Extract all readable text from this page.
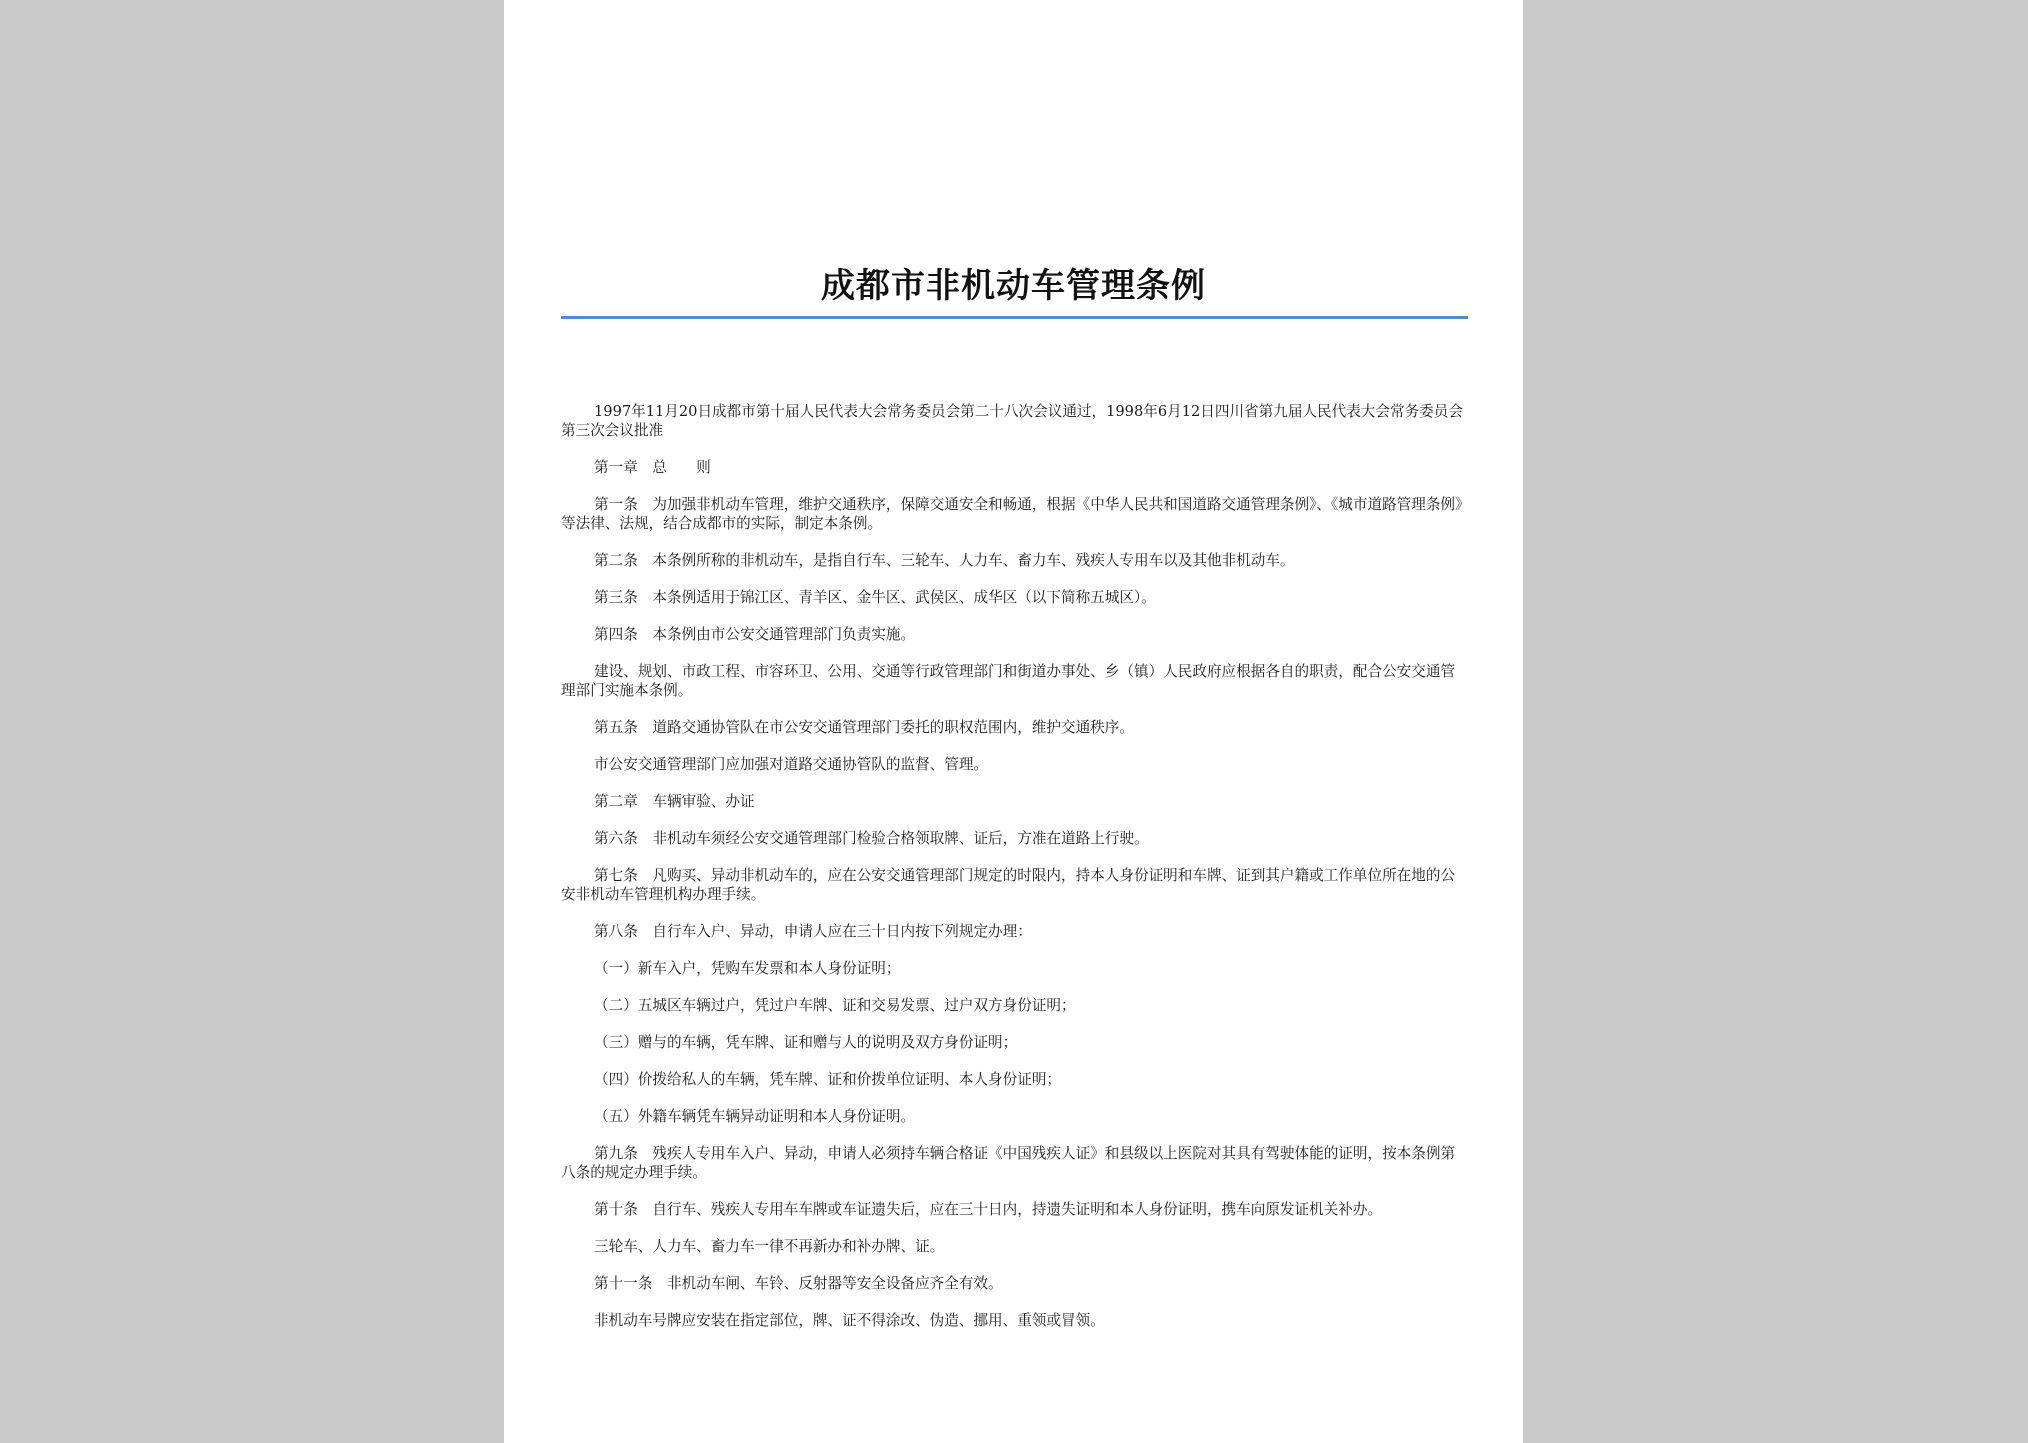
成都市非机动车管理条例

1997年11月20日成都市第十届人民代表大会常务委员会第二十八次会议通过，1998年6月12日四川省第九届人民代表大会常务委员会第三次会议批准

第一章　总　　则

第一条　为加强非机动车管理，维护交通秩序，保障交通安全和畅通，根据《中华人民共和国道路交通管理条例》、《城市道路管理条例》等法律、法规，结合成都市的实际，制定本条例。

第二条　本条例所称的非机动车，是指自行车、三轮车、人力车、畜力车、残疾人专用车以及其他非机动车。

第三条　本条例适用于锦江区、青羊区、金牛区、武侯区、成华区（以下简称五城区）。

第四条　本条例由市公安交通管理部门负责实施。

建设、规划、市政工程、市容环卫、公用、交通等行政管理部门和街道办事处、乡（镇）人民政府应根据各自的职责，配合公安交通管理部门实施本条例。

第五条　道路交通协管队在市公安交通管理部门委托的职权范围内，维护交通秩序。

市公安交通管理部门应加强对道路交通协管队的监督、管理。

第二章　车辆审验、办证

第六条　非机动车须经公安交通管理部门检验合格领取牌、证后，方准在道路上行驶。

第七条　凡购买、异动非机动车的，应在公安交通管理部门规定的时限内，持本人身份证明和车牌、证到其户籍或工作单位所在地的公安非机动车管理机构办理手续。

第八条　自行车入户、异动，申请人应在三十日内按下列规定办理：

（一）新车入户，凭购车发票和本人身份证明；

（二）五城区车辆过户，凭过户车牌、证和交易发票、过户双方身份证明；

（三）赠与的车辆，凭车牌、证和赠与人的说明及双方身份证明；

（四）价拨给私人的车辆，凭车牌、证和价拨单位证明、本人身份证明；

（五）外籍车辆凭车辆异动证明和本人身份证明。

第九条　残疾人专用车入户、异动，申请人必须持车辆合格证《中国残疾人证》和县级以上医院对其具有驾驶体能的证明，按本条例第八条的规定办理手续。

第十条　自行车、残疾人专用车车牌或车证遗失后，应在三十日内，持遗失证明和本人身份证明，携车向原发证机关补办。

三轮车、人力车、畜力车一律不再新办和补办牌、证。

第十一条　非机动车闸、车铃、反射器等安全设备应齐全有效。

非机动车号牌应安装在指定部位，牌、证不得涂改、伪造、挪用、重领或冒领。
